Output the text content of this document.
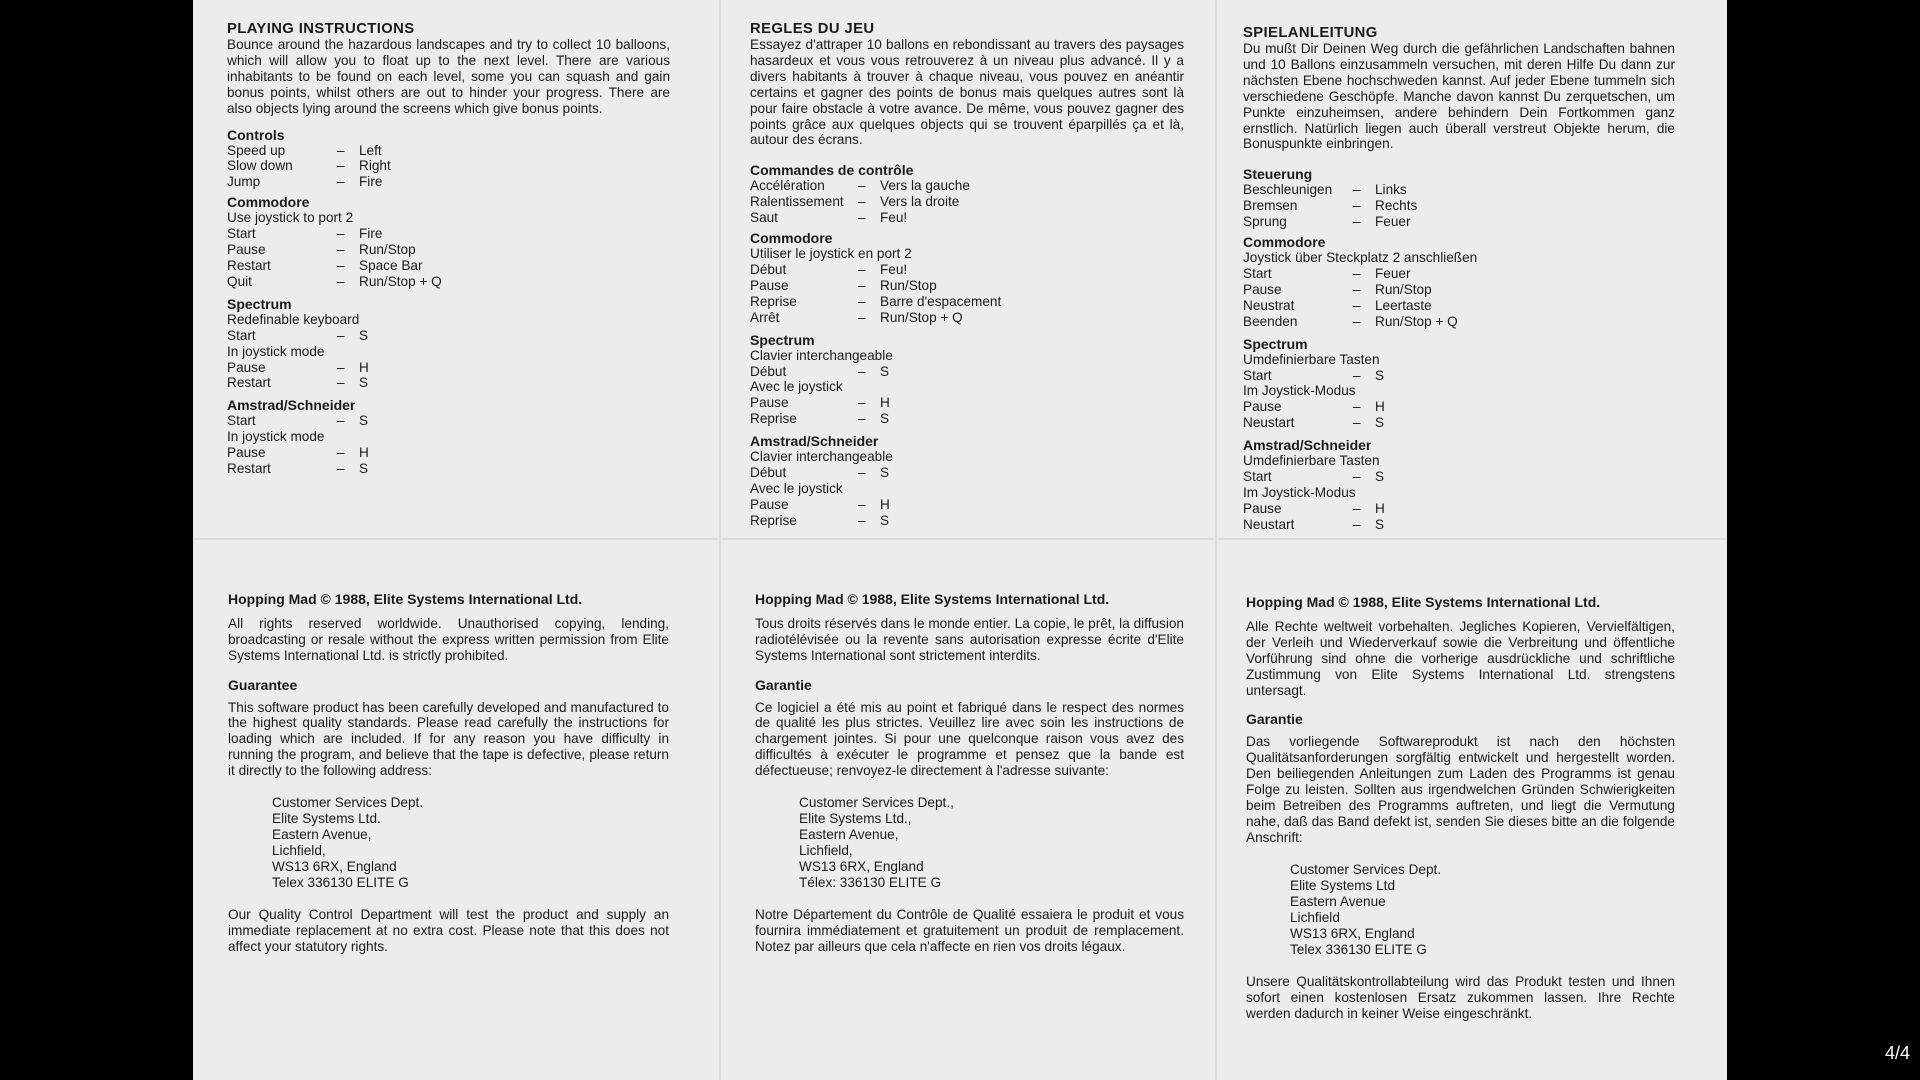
PLAYING INSTRUCTIONS

Bounce around the hazardous landscapes and try to collect 10 balloons, which will allow you to float up to the next level. There are various inhabitants to be found on each level, some you can squash and gain bonus points, whilst others are out to hinder your progress. There are also objects lying around the screens which give bonus points.

Controls
Speed up	–	Left
Slow down	–	Right
Jump	–	Fire
Commodore
Use joystick to port 2
Start	–	Fire
Pause	–	Run/Stop
Restart	–	Space Bar
Quit	–	Run/Stop + Q
Spectrum
Redefinable keyboard
Start	–	S
In joystick mode
Pause	–	H
Restart	–	S
Amstrad/Schneider
Start	–	S
In joystick mode
Pause	–	H
Restart	–	S
REGLES DU JEU

Essayez d'attraper 10 ballons en rebondissant au travers des paysages hasardeux et vous vous retrouverez à un niveau plus advancé. Il y a divers habitants à trouver à chaque niveau, vous pouvez en anéantir certains et gagner des points de bonus mais quelques autres sont là pour faire obstacle à votre avance. De même, vous pouvez gagner des points grâce aux quelques objects qui se trouvent éparpillés ça et là, autour des écrans.

Commandes de contrôle
Accélération	–	Vers la gauche
Ralentissement	–	Vers la droite
Saut	–	Feu!
Commodore
Utiliser le joystick en port 2
Début	–	Feu!
Pause	–	Run/Stop
Reprise	–	Barre d'espacement
Arrêt	–	Run/Stop + Q
Spectrum
Clavier interchangeable
Début	–	S
Avec le joystick
Pause	–	H
Reprise	–	S
Amstrad/Schneider
Clavier interchangeable
Début	–	S
Avec le joystick
Pause	–	H
Reprise	–	S
SPIELANLEITUNG

Du mußt Dir Deinen Weg durch die gefährlichen Landschaften bahnen und 10 Ballons einzusammeln versuchen, mit deren Hilfe Du dann zur nächsten Ebene hochschweden kannst. Auf jeder Ebene tummeln sich verschiedene Geschöpfe. Manche davon kannst Du zerquetschen, um Punkte einzuheimsen, andere behindern Dein Fortkommen ganz ernstlich. Natürlich liegen auch überall verstreut Objekte herum, die Bonuspunkte einbringen.

Steuerung
Beschleunigen	–	Links
Bremsen	–	Rechts
Sprung	–	Feuer
Commodore
Joystick über Steckplatz 2 anschließen
Start	–	Feuer
Pause	–	Run/Stop
Neustrat	–	Leertaste
Beenden	–	Run/Stop + Q
Spectrum
Umdefinierbare Tasten
Start	–	S
Im Joystick-Modus
Pause	–	H
Neustart	–	S
Amstrad/Schneider
Umdefinierbare Tasten
Start	–	S
Im Joystick-Modus
Pause	–	H
Neustart	–	S
Hopping Mad © 1988, Elite Systems International Ltd.

All rights reserved worldwide. Unauthorised copying, lending, broadcasting or resale without the express written permission from Elite Systems International Ltd. is strictly prohibited.

Guarantee

This software product has been carefully developed and manufactured to the highest quality standards. Please read carefully the instructions for loading which are included. If for any reason you have difficulty in running the program, and believe that the tape is defective, please return it directly to the following address:

Customer Services Dept.
Elite Systems Ltd.
Eastern Avenue,
Lichfield,
WS13 6RX, England
Telex 336130 ELITE G

Our Quality Control Department will test the product and supply an immediate replacement at no extra cost. Please note that this does not affect your statutory rights.

Hopping Mad © 1988, Elite Systems International Ltd.

Tous droits réservés dans le monde entier. La copie, le prêt, la diffusion radiotélévisée ou la revente sans autorisation expresse écrite d'Elite Systems International sont strictement interdits.

Garantie

Ce logiciel a été mis au point et fabriqué dans le respect des normes de qualité les plus strictes. Veuillez lire avec soin les instructions de chargement jointes. Si pour une quelconque raison vous avez des difficultés à exécuter le programme et pensez que la bande est défectueuse; renvoyez-le directement à l'adresse suivante:

Customer Services Dept.,
Elite Systems Ltd.,
Eastern Avenue,
Lichfield,
WS13 6RX, England
Télex: 336130 ELITE G

Notre Département du Contrôle de Qualité essaiera le produit et vous fournira immédiatement et gratuitement un produit de remplacement. Notez par ailleurs que cela n'affecte en rien vos droits légaux.

Hopping Mad © 1988, Elite Systems International Ltd.

Alle Rechte weltweit vorbehalten. Jegliches Kopieren, Vervielfältigen, der Verleih und Wiederverkauf sowie die Verbreitung und öffentliche Vorführung sind ohne die vorherige ausdrückliche und schriftliche Zustimmung von Elite Systems International Ltd. strengstens untersagt.

Garantie

Das vorliegende Softwareprodukt ist nach den höchsten Qualitätsanforderungen sorgfältig entwickelt und hergestellt worden. Den beiliegenden Anleitungen zum Laden des Programms ist genau Folge zu leisten. Sollten aus irgendwelchen Gründen Schwierigkeiten beim Betreiben des Programms auftreten, und liegt die Vermutung nahe, daß das Band defekt ist, senden Sie dieses bitte an die folgende Anschrift:

Customer Services Dept.
Elite Systems Ltd
Eastern Avenue
Lichfield
WS13 6RX, England
Telex 336130 ELITE G

Unsere Qualitätskontrollabteilung wird das Produkt testen und Ihnen sofort einen kostenlosen Ersatz zukommen lassen. Ihre Rechte werden dadurch in keiner Weise eingeschränkt.

4/4
